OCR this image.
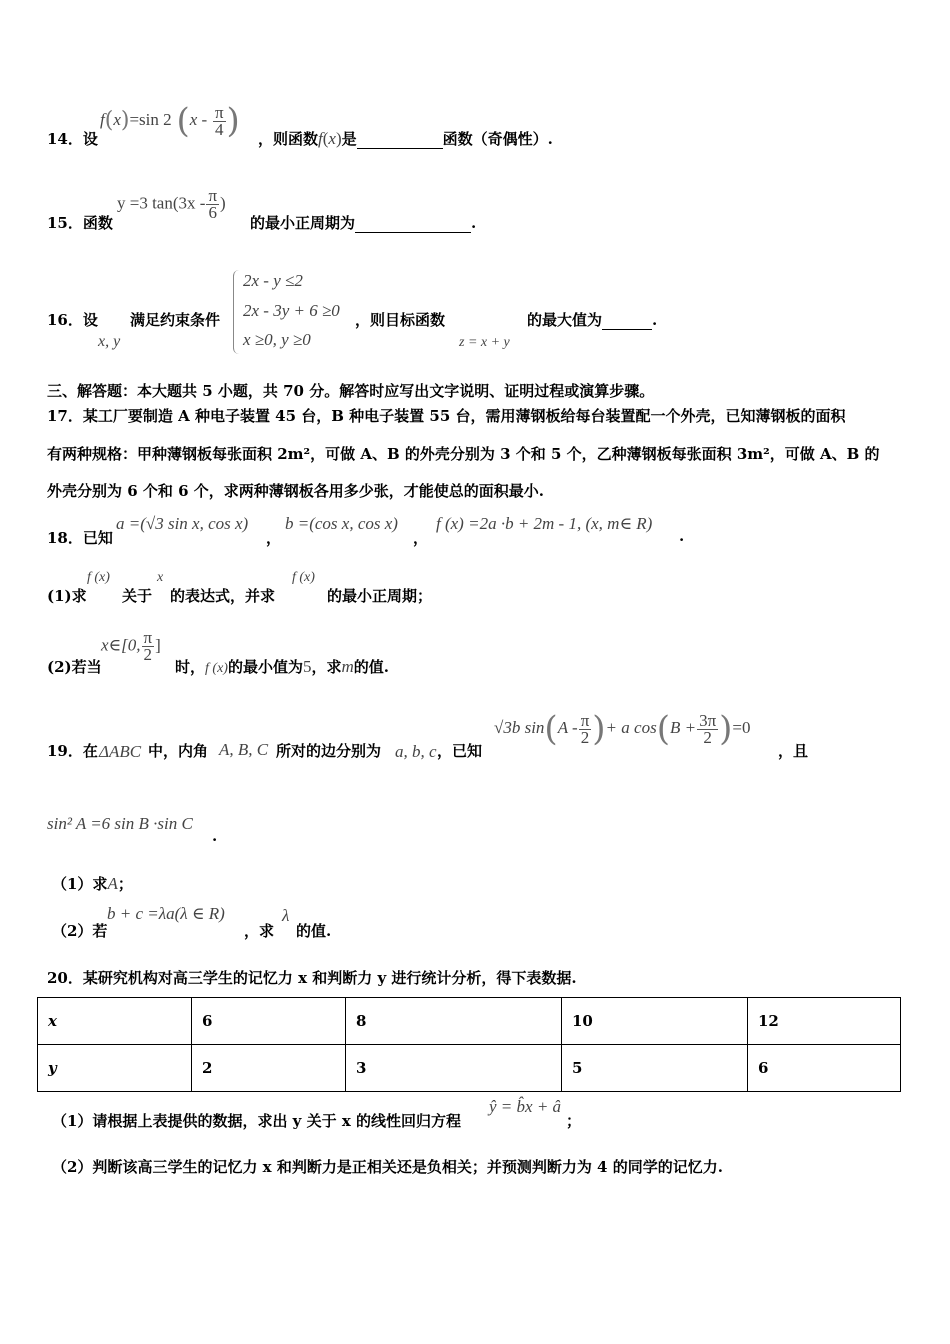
14．设
f(x)=sin 2 ($x - \frac{\pi}{4}$ ) ，则函数f(x)是	函数（奇偶性）.
15．函数
y =3 $\tan(3x - \frac{\pi}{6}$ )
的最小正周期为	.
16．设
x, y
满足约束条件
2x - y ≤2
2x - 3y + 6 ≥0
x ≥0, y ≥0
，则目标函数
z = x + y
的最大值为	.
三、解答题：本大题共 5 小题，共 70 分。解答时应写出文字说明、证明过程或演算步骤。
17．某工厂要制造 A 种电子装置 45 台，B 种电子装置 55 台，需用薄钢板给每台装置配一个外壳，已知薄钢板的面积
有两种规格：甲种薄钢板每张面积 2m²，可做 A、B 的外壳分别为 3 个和 5 个，乙种薄钢板每张面积 3m²，可做 A、B 的
外壳分别为 6 个和 6 个，求两种薄钢板各用多少张，才能使总的面积最小.
18．已知
a =(√3 sin x, cos x)
，
b =(cos x, cos x)
，
f (x) =2a ·b + 2m - 1, (x, m∈ R)
.
(1)求
f (x)
关于
x
的表达式，并求
f (x)
的最小正周期；
(2)若当
x∈[0, $\frac{\pi}{2}$ ]
时，f (x)的最小值为5，求m的值.
19．在 ΔABC 中，内角 A, B, C 所对的边分别为 a, b, c ，已知
√3b $\sin(A - \frac{\pi}{2}$ )+ a $\cos(B + \frac{3\pi}{2} )=0$
，且
sin² A =6 sin B ·sin C
.
（1）求A；
（2）若
b + c =λa(λ ∈ R)
，求
λ
的值.
20．某研究机构对高三学生的记忆力 x 和判断力 y 进行统计分析，得下表数据.
x	6	8	10	12
y	2	3	5	6
（1）请根据上表提供的数据，求出 y 关于 x 的线性回归方程
ŷ = b̂x + â
；
（2）判断该高三学生的记忆力 x 和判断力是正相关还是负相关；并预测判断力为 4 的同学的记忆力.
